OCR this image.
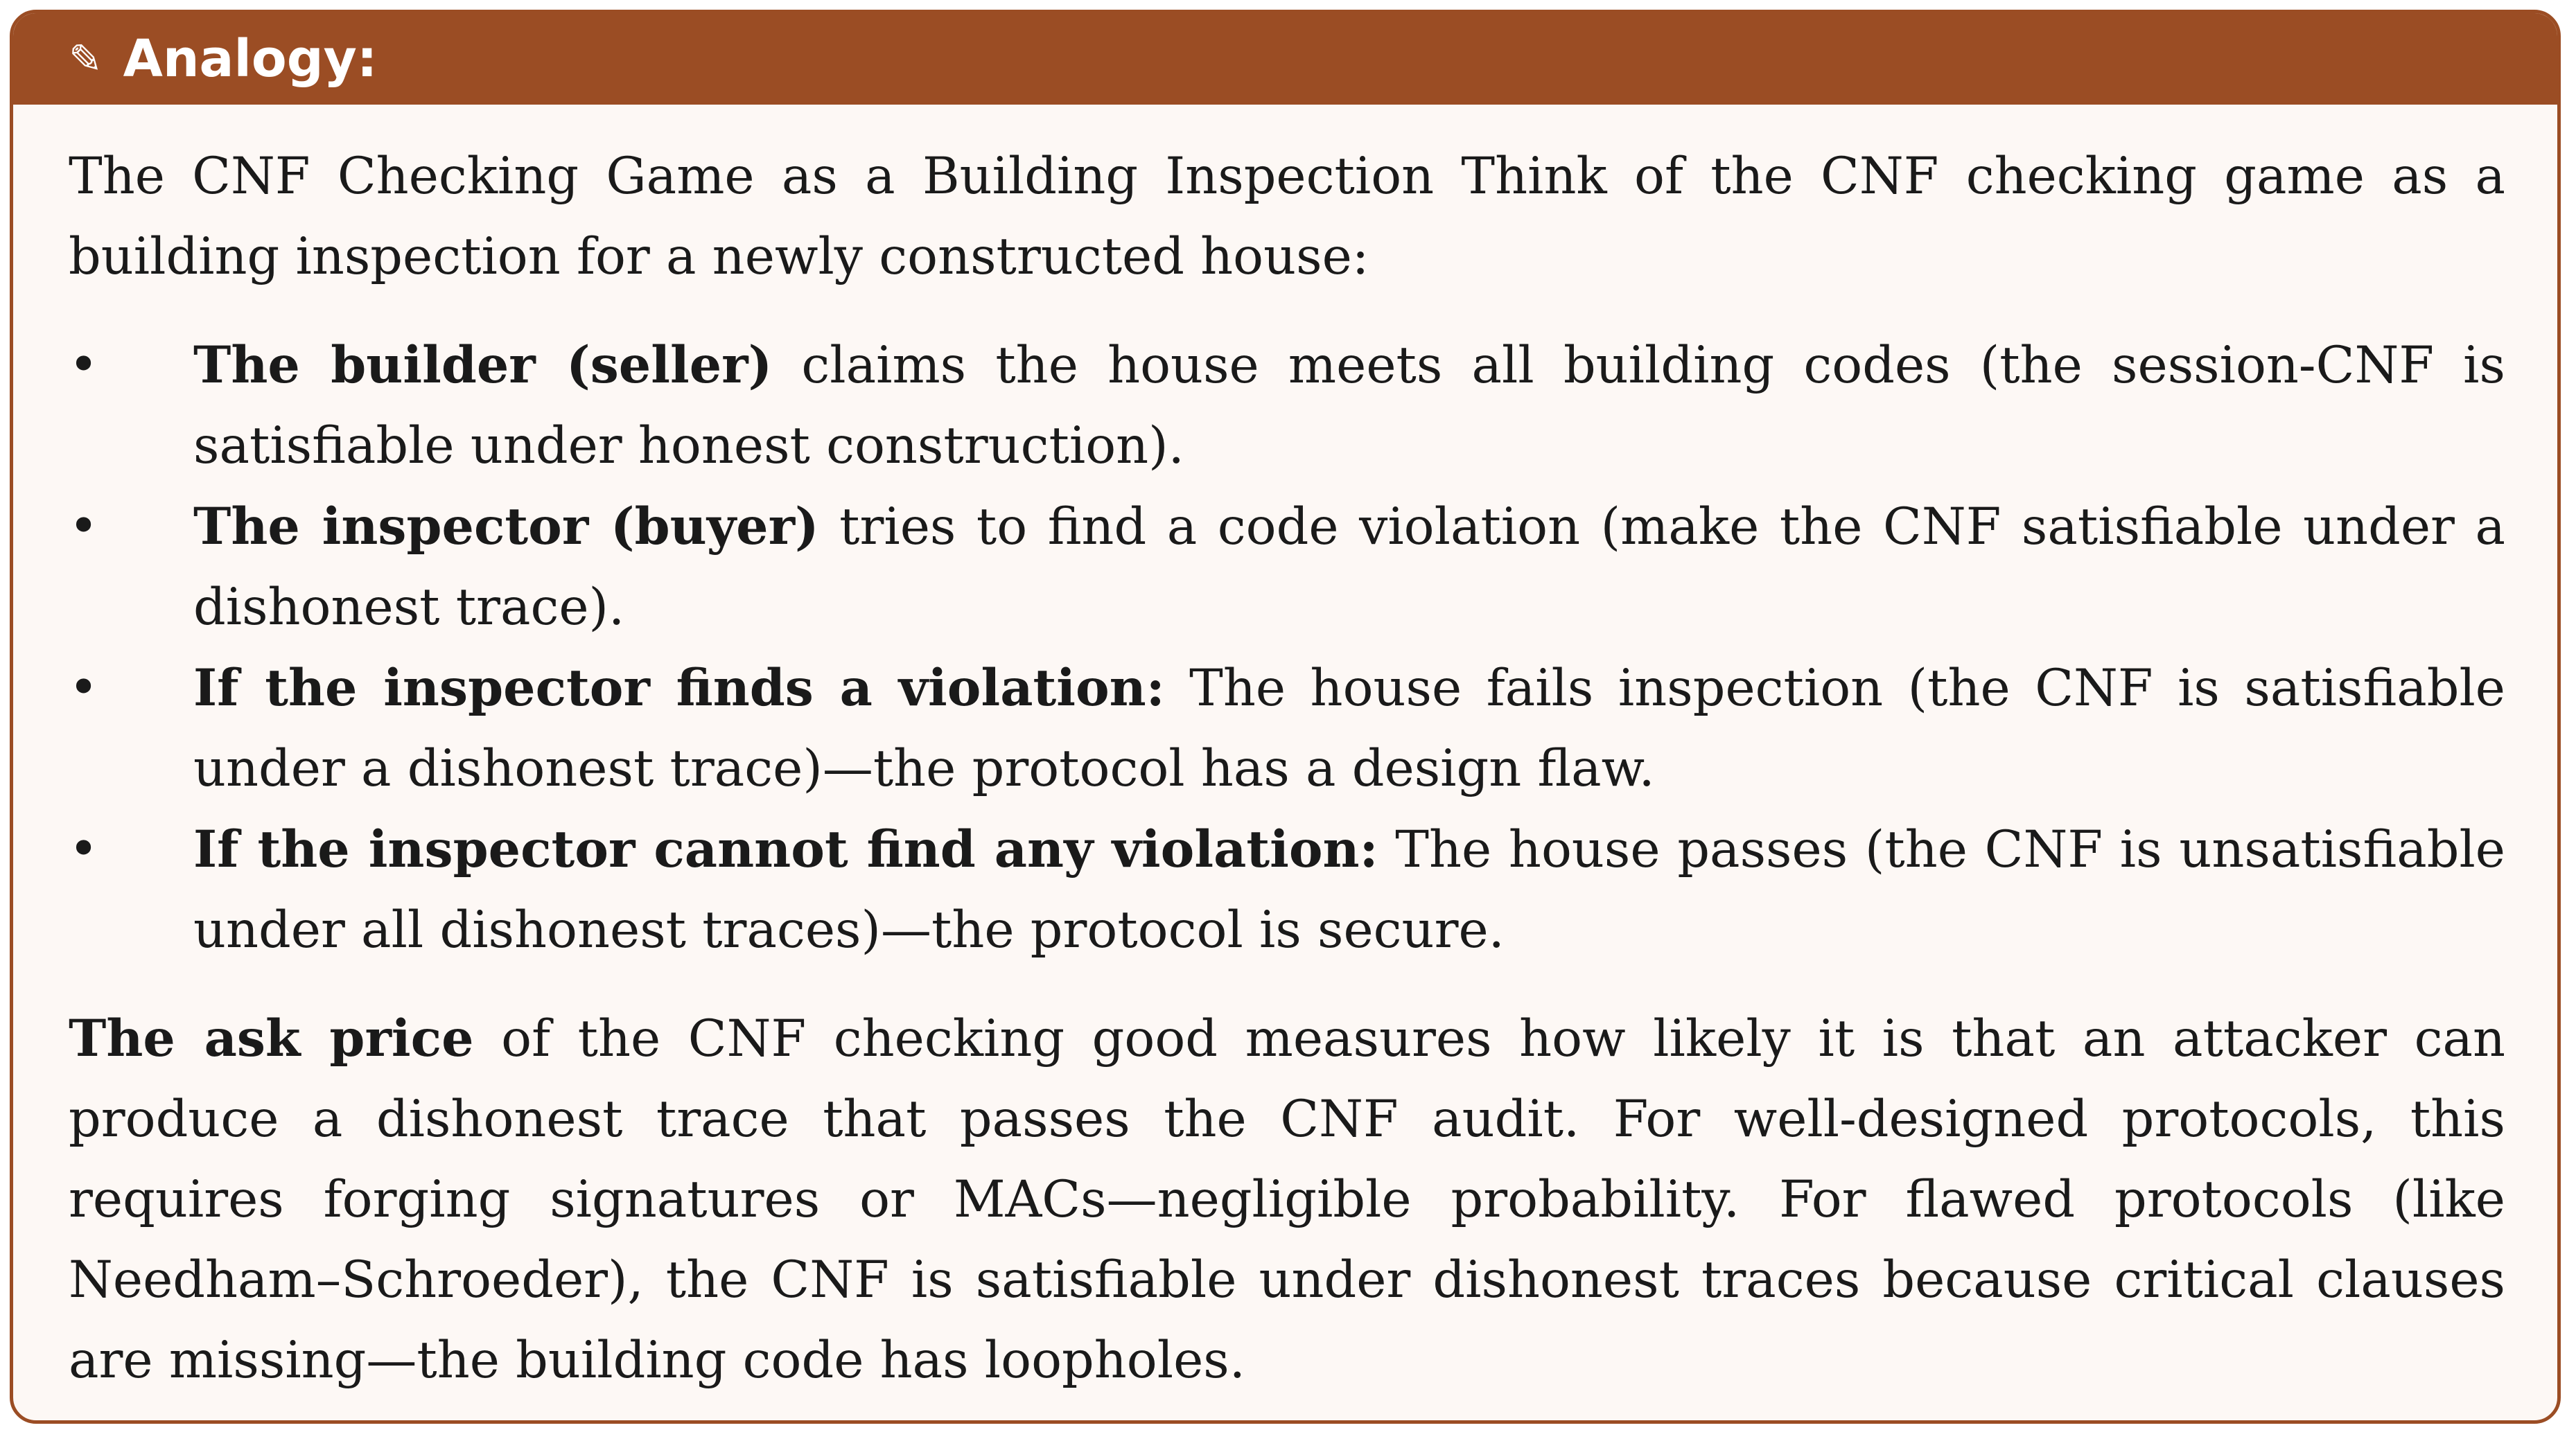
✎ Analogy:

The CNF Checking Game as a Building Inspection Think of the CNF checking game as a building inspection for a newly constructed house:

• The builder (seller) claims the house meets all building codes (the session-CNF is satisfiable under honest construction).
• The inspector (buyer) tries to find a code violation (make the CNF satisfiable under a dishonest trace).
• If the inspector finds a violation: The house fails inspection (the CNF is satisfiable under a dishonest trace)—the protocol has a design flaw.
• If the inspector cannot find any violation: The house passes (the CNF is unsatisfiable under all dishonest traces)—the protocol is secure.

The ask price of the CNF checking good measures how likely it is that an attacker can produce a dishonest trace that passes the CNF audit. For well-designed protocols, this requires forging signatures or MACs—negligible probability. For flawed protocols (like Needham–Schroeder), the CNF is satisfiable under dishonest traces because critical clauses are missing—the building code has loopholes.
